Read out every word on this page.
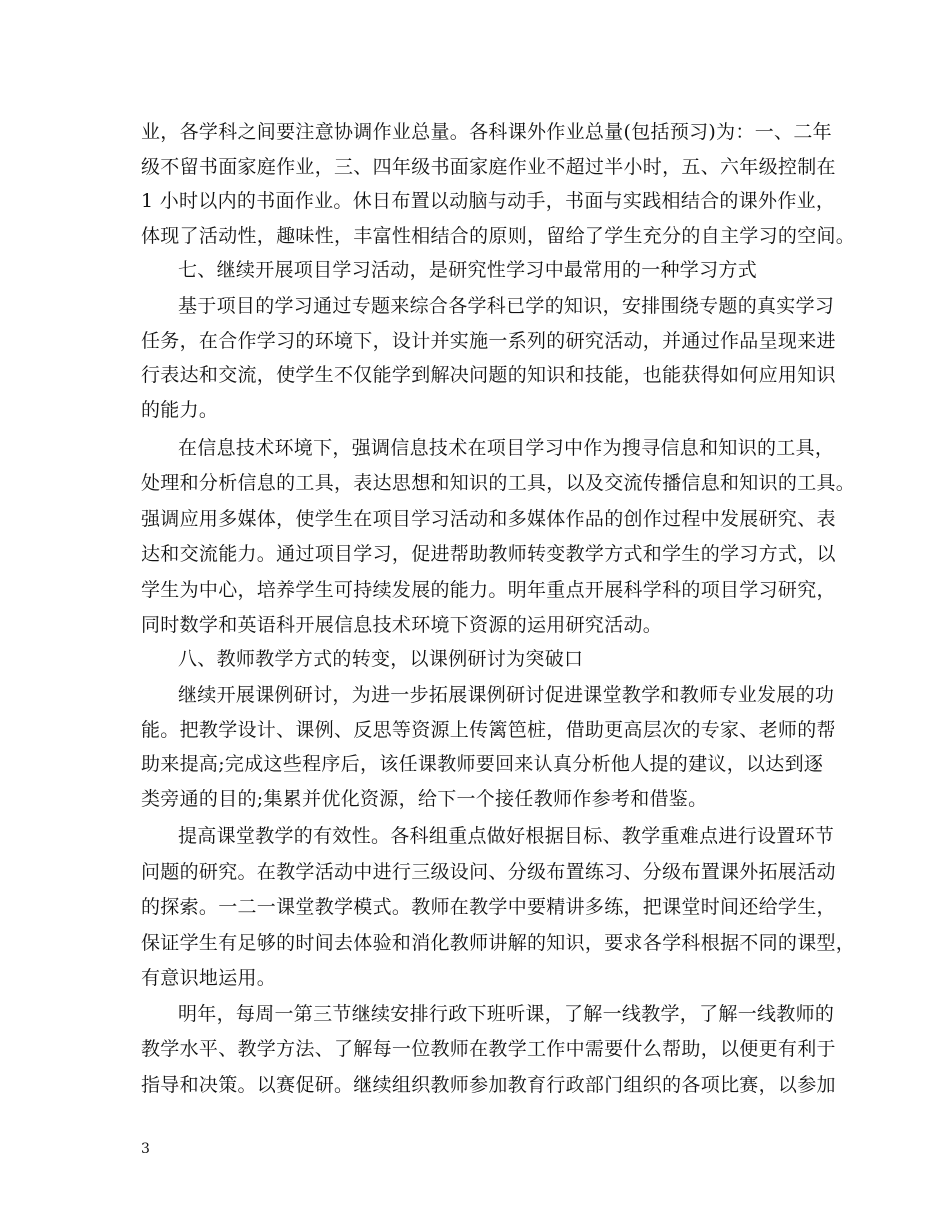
业，各学科之间要注意协调作业总量。各科课外作业总量(包括预习)为：一、二年
级不留书面家庭作业，三、四年级书面家庭作业不超过半小时，五、六年级控制在
1 小时以内的书面作业。休日布置以动脑与动手，书面与实践相结合的课外作业，
体现了活动性，趣味性，丰富性相结合的原则，留给了学生充分的自主学习的空间。
七、继续开展项目学习活动，是研究性学习中最常用的一种学习方式
基于项目的学习通过专题来综合各学科已学的知识，安排围绕专题的真实学习
任务，在合作学习的环境下，设计并实施一系列的研究活动，并通过作品呈现来进
行表达和交流，使学生不仅能学到解决问题的知识和技能，也能获得如何应用知识
的能力。
在信息技术环境下，强调信息技术在项目学习中作为搜寻信息和知识的工具，
处理和分析信息的工具，表达思想和知识的工具，以及交流传播信息和知识的工具。
强调应用多媒体，使学生在项目学习活动和多媒体作品的创作过程中发展研究、表
达和交流能力。通过项目学习，促进帮助教师转变教学方式和学生的学习方式，以
学生为中心，培养学生可持续发展的能力。明年重点开展科学科的项目学习研究，
同时数学和英语科开展信息技术环境下资源的运用研究活动。
八、教师教学方式的转变，以课例研讨为突破口
继续开展课例研讨，为进一步拓展课例研讨促进课堂教学和教师专业发展的功
能。把教学设计、课例、反思等资源上传篱笆桩，借助更高层次的专家、老师的帮
助来提高;完成这些程序后，该任课教师要回来认真分析他人提的建议，以达到逐
类旁通的目的;集累并优化资源，给下一个接任教师作参考和借鉴。
提高课堂教学的有效性。各科组重点做好根据目标、教学重难点进行设置环节
问题的研究。在教学活动中进行三级设问、分级布置练习、分级布置课外拓展活动
的探索。一二一课堂教学模式。教师在教学中要精讲多练，把课堂时间还给学生，
保证学生有足够的时间去体验和消化教师讲解的知识，要求各学科根据不同的课型，
有意识地运用。
明年，每周一第三节继续安排行政下班听课，了解一线教学，了解一线教师的
教学水平、教学方法、了解每一位教师在教学工作中需要什么帮助，以便更有利于
指导和决策。以赛促研。继续组织教师参加教育行政部门组织的各项比赛，以参加
3
